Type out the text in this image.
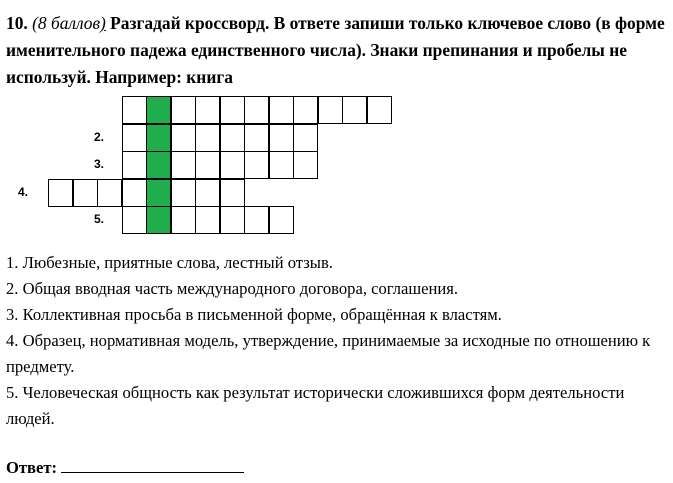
10. (8 баллов) Разгадай кроссворд. В ответе запиши только ключевое слово (в форме именительного падежа единственного числа). Знаки препинания и пробелы не используй. Например: книга
2.
3.
4.
5.
1. Любезные, приятные слова, лестный отзыв.
2. Общая вводная часть международного договора, соглашения.
3. Коллективная просьба в письменной форме, обращённая к властям.
4. Образец, нормативная модель, утверждение, принимаемые за исходные по отношению к предмету.
5. Человеческая общность как результат исторически сложившихся форм деятельности людей.
Ответ:
